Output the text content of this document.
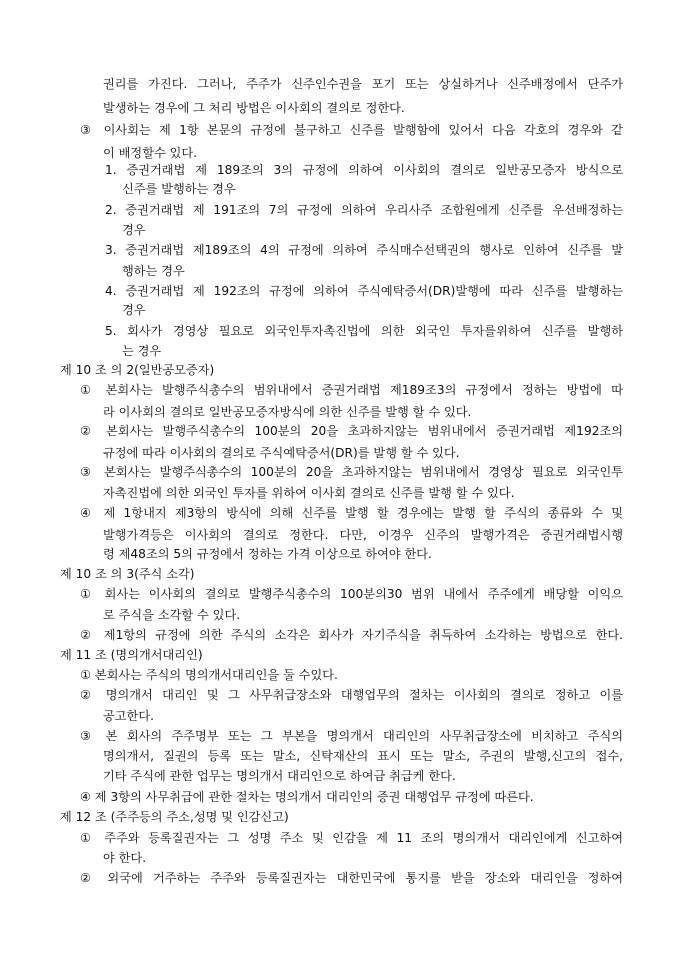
권리를 가진다. 그러나, 주주가 신주인수권을 포기 또는 상실하거나 신주배정에서 단주가
발생하는 경우에 그 처리 방법은 이사회의 결의로 정한다.
③ 이사회는 제 1항 본문의 규정에 불구하고 신주를 발행함에 있어서 다음 각호의 경우와 같
이 배정할수 있다.
1. 증권거래법 제 189조의 3의 규정에 의하여 이사회의 결의로 일반공모증자 방식으로
신주를 발행하는 경우
2. 증권거래법 제 191조의 7의 규정에 의하여 우리사주 조합원에게 신주를 우선배정하는
경우
3. 증권거래법 제189조의 4의 규정에 의하여 주식매수선택권의 행사로 인하여 신주를 발
행하는 경우
4. 증권거래법 제 192조의 규정에 의하여 주식예탁증서(DR)발행에 따라 신주를 발행하는
경우
5. 회사가 경영상 필요로 외국인투자촉진법에 의한 외국인 투자를위하여 신주를 발행하
는 경우
제 10 조 의 2(일반공모증자)
① 본회사는 발행주식총수의 범위내에서 증권거래법 제189조3의 규정에서 정하는 방법에 따
라 이사회의 결의로 일반공모증자방식에 의한 신주를 발행 할 수 있다.
② 본회사는 발행주식총수의 100분의 20을 초과하지않는 범위내에서 증권거래법 제192조의
규정에 따라 이사회의 결의로 주식예탁증서(DR)를 발행 할 수 있다.
③ 본회사는 발행주식총수의 100분의 20을 초과하지않는 범위내에서 경영상 필요로 외국인투
자촉진법에 의한 외국인 투자를 위하여 이사회 결의로 신주를 발행 할 수 있다.
④ 제 1항내지 제3항의 방식에 의해 신주를 발행 할 경우에는 발행 할 주식의 종류와 수 및
발행가격등은 이사회의 결의로 정한다. 다만, 이경우 신주의 발행가격은 증권거래법시행
령 제48조의 5의 규정에서 정하는 가격 이상으로 하여야 한다.
제 10 조 의 3(주식 소각)
① 회사는 이사회의 결의로 발행주식총수의 100분의30 범위 내에서 주주에게 배당할 이익으
로 주식을 소각할 수 있다.
② 제1항의 규정에 의한 주식의 소각은 회사가 자기주식을 취득하여 소각하는 방법으로 한다.
제 11 조 (명의개서대리인)
① 본회사는 주식의 명의개서대리인을 둘 수있다.
② 명의개서 대리인 및 그 사무취급장소와 대행업무의 절차는 이사회의 결의로 정하고 이를
공고한다.
③ 본 회사의 주주명부 또는 그 부본을 명의개서 대리인의 사무취급장소에 비치하고 주식의
명의개서, 질권의 등록 또는 말소, 신탁재산의 표시 또는 말소, 주권의 발행,신고의 접수,
기타 주식에 관한 업무는 명의개서 대리인으로 하여금 취급케 한다.
④ 제 3항의 사무취급에 관한 절차는 명의개서 대리인의 증권 대행업무 규정에 따른다.
제 12 조 (주주등의 주소,성명 및 인감신고)
① 주주와 등록질권자는 그 성명 주소 및 인감을 제 11 조의 명의개서 대리인에게 신고하여
야 한다.
② 외국에 거주하는 주주와 등록질권자는 대한민국에 통지를 받을 장소와 대리인을 정하여
